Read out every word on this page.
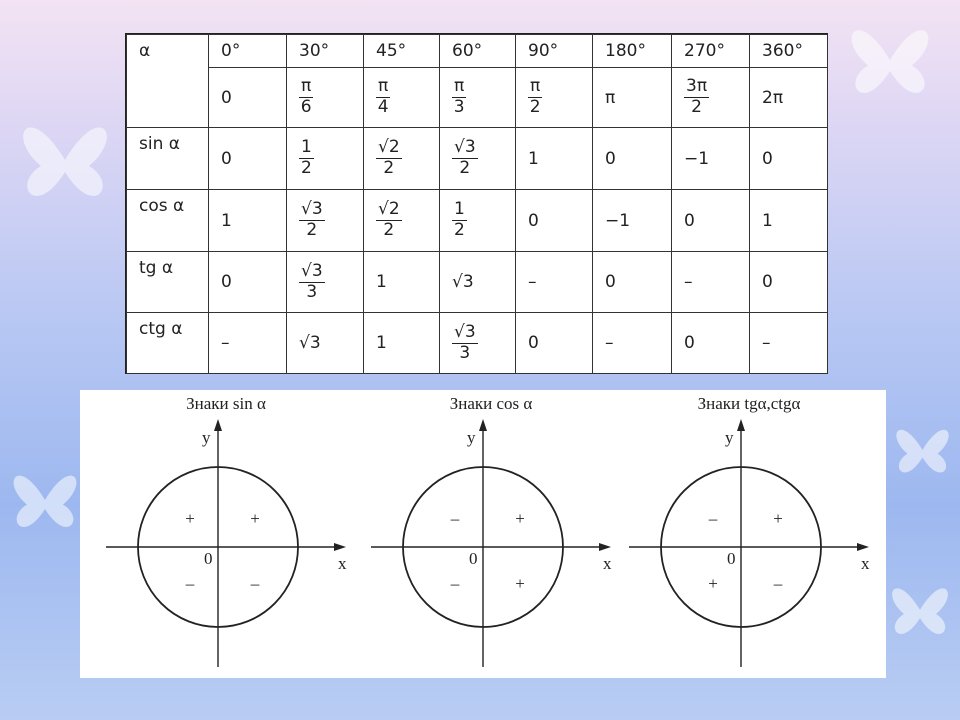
α	0°	30°	45°	60°	90°	180°	270°	360°
	0	$\frac{\pi}{6}$	$\frac{\pi}{4}$	$\frac{\pi}{3}$	$\frac{\pi}{2}$	π	$\frac{3\pi}{2}$	2π
sin α	0	$\frac{1}{2}$	$\frac{√2}{2}$	$\frac{√3}{2}$	1	0	−1	0
cos α	1	$\frac{√3}{2}$	$\frac{√2}{2}$	$\frac{1}{2}$	0	−1	0	1
tg α	0	$\frac{√3}{3}$	1	√3	–	0	–	0
ctg α	–	√3	1	$\frac{√3}{3}$	0	–	0	–
Знаки sin α
y
x
0
+
+
–	–
Знаки cos α
y
x
0
+
–
–	+
Знаки tgα,ctgα
y
x
0
+
–
+	–
